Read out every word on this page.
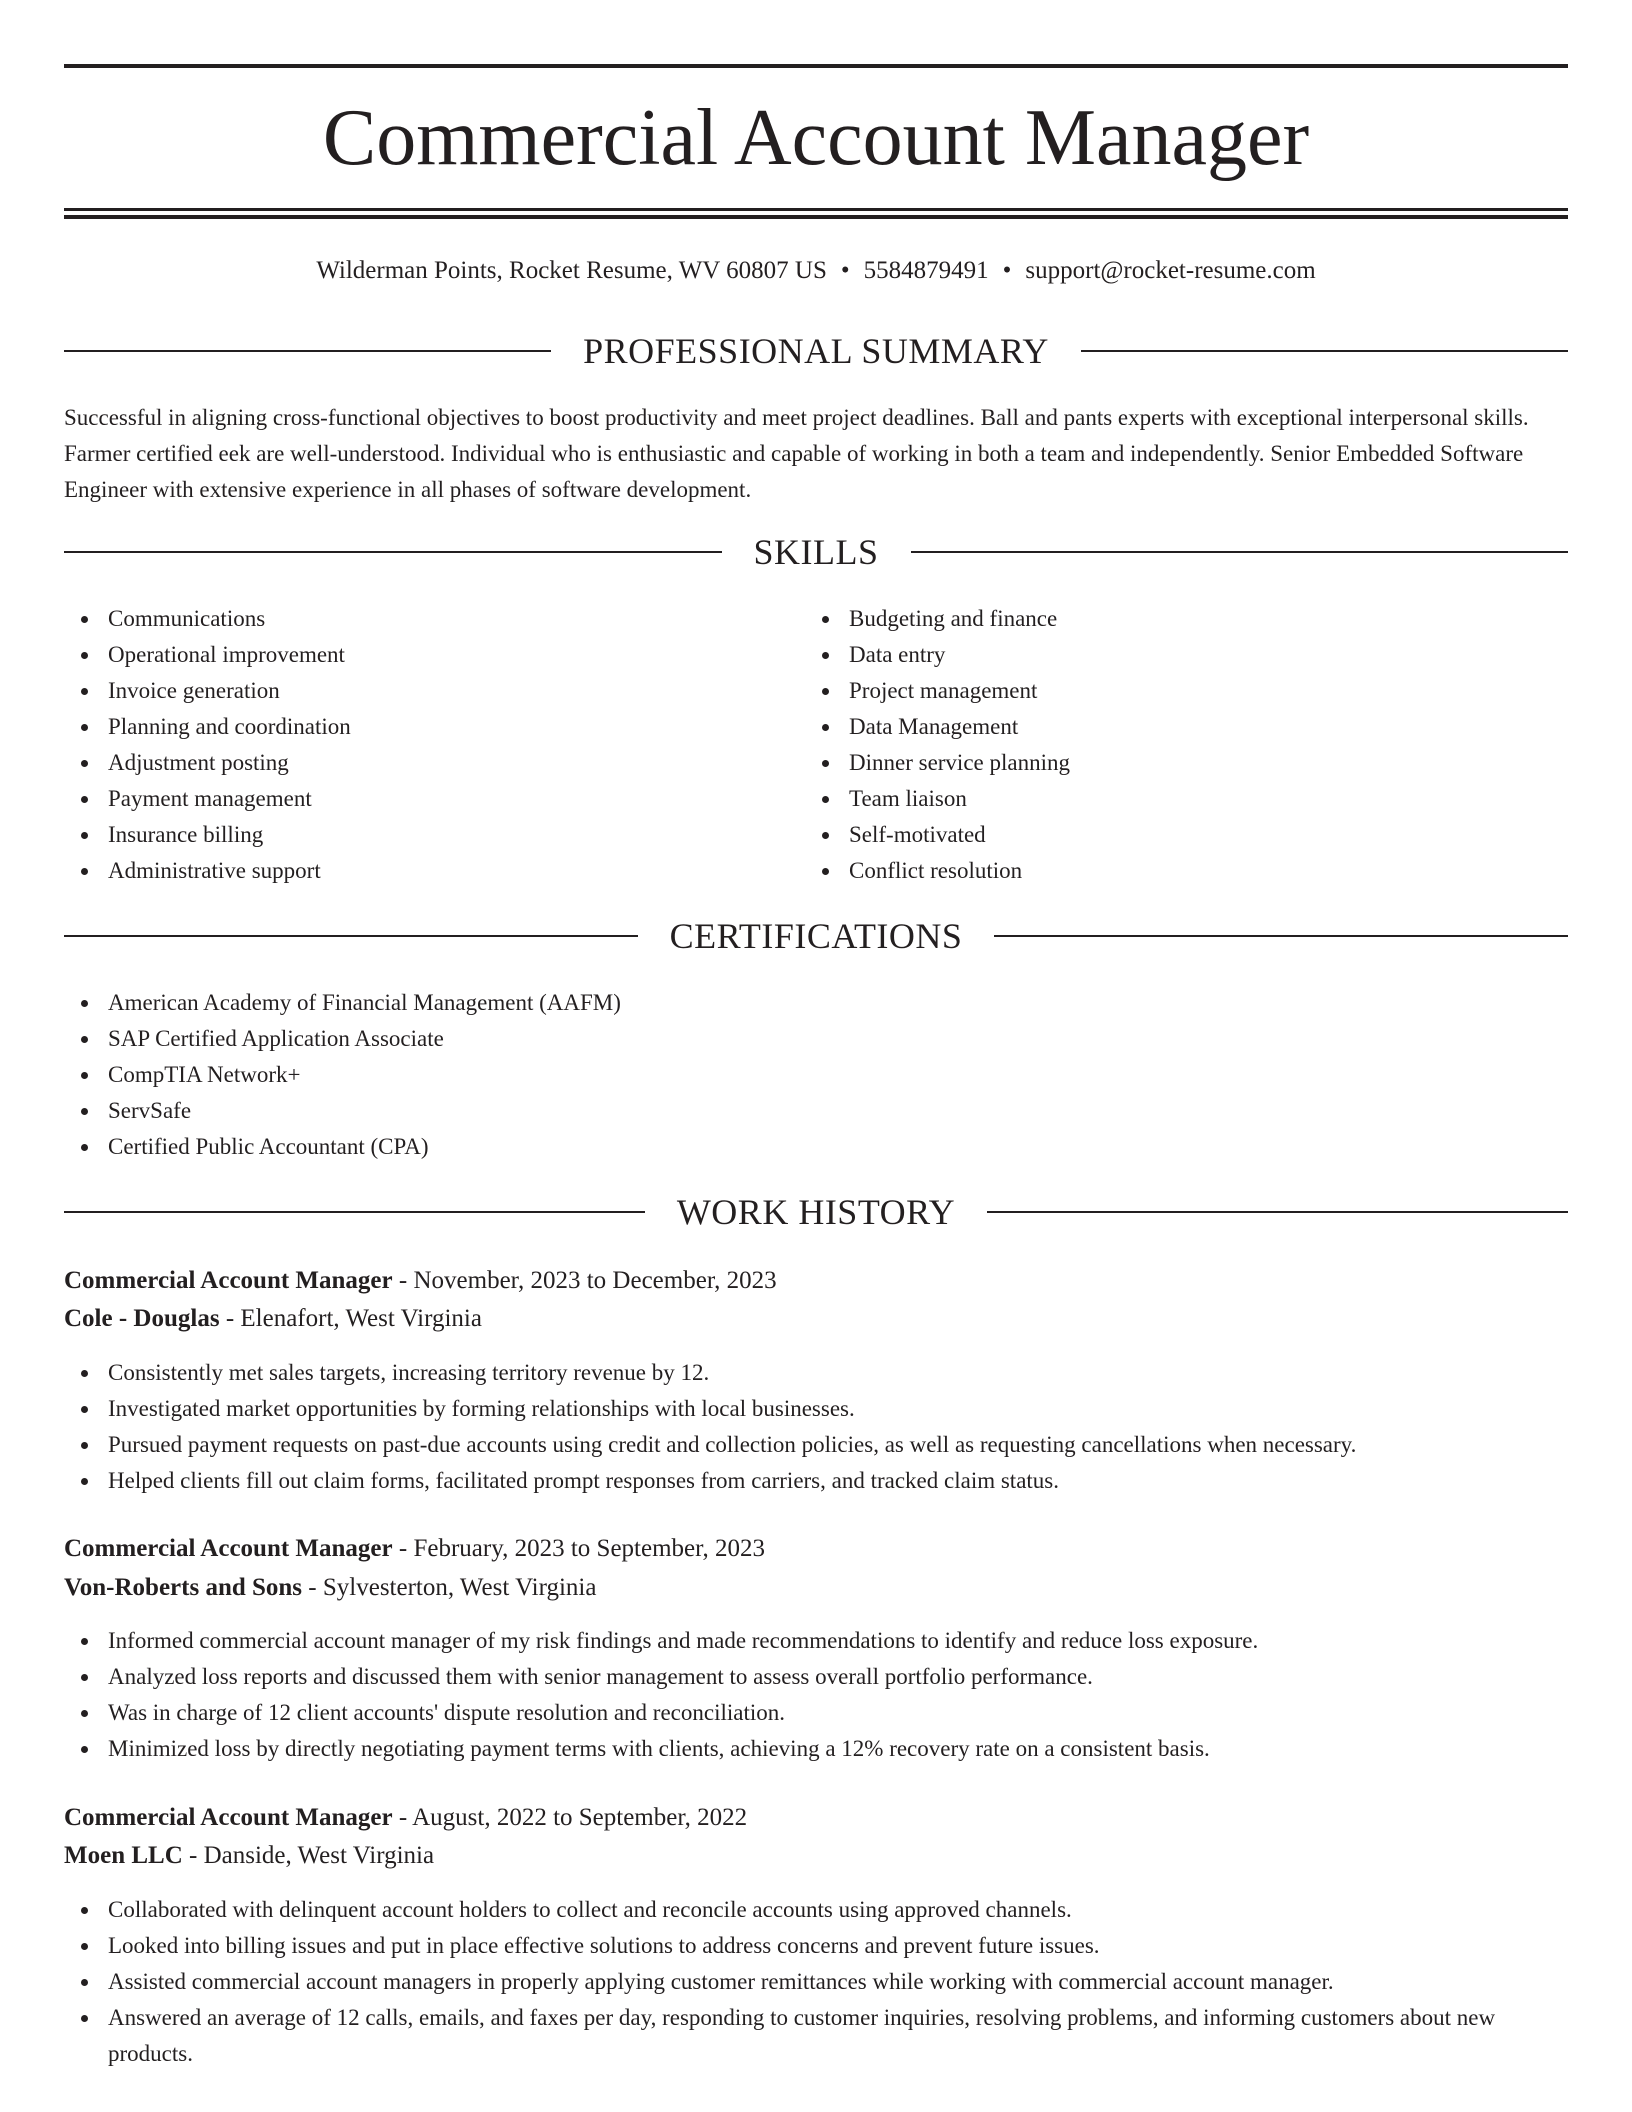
Commercial Account Manager
Wilderman Points, Rocket Resume, WV 60807 US • 5584879491 • support@rocket-resume.com
PROFESSIONAL SUMMARY

Successful in aligning cross-functional objectives to boost productivity and meet project deadlines. Ball and pants experts with exceptional interpersonal skills. Farmer certified eek are well-understood. Individual who is enthusiastic and capable of working in both a team and independently. Senior Embedded Software Engineer with extensive experience in all phases of software development.

SKILLS
Communications
Operational improvement
Invoice generation
Planning and coordination
Adjustment posting
Payment management
Insurance billing
Administrative support
Budgeting and finance
Data entry
Project management
Data Management
Dinner service planning
Team liaison
Self-motivated
Conflict resolution
CERTIFICATIONS
American Academy of Financial Management (AAFM)
SAP Certified Application Associate
CompTIA Network+
ServSafe
Certified Public Accountant (CPA)
WORK HISTORY
Commercial Account Manager - November, 2023 to December, 2023
Cole - Douglas - Elenafort, West Virginia
Consistently met sales targets, increasing territory revenue by 12.
Investigated market opportunities by forming relationships with local businesses.
Pursued payment requests on past-due accounts using credit and collection policies, as well as requesting cancellations when necessary.
Helped clients fill out claim forms, facilitated prompt responses from carriers, and tracked claim status.
Commercial Account Manager - February, 2023 to September, 2023
Von-Roberts and Sons - Sylvesterton, West Virginia
Informed commercial account manager of my risk findings and made recommendations to identify and reduce loss exposure.
Analyzed loss reports and discussed them with senior management to assess overall portfolio performance.
Was in charge of 12 client accounts' dispute resolution and reconciliation.
Minimized loss by directly negotiating payment terms with clients, achieving a 12% recovery rate on a consistent basis.
Commercial Account Manager - August, 2022 to September, 2022
Moen LLC - Danside, West Virginia
Collaborated with delinquent account holders to collect and reconcile accounts using approved channels.
Looked into billing issues and put in place effective solutions to address concerns and prevent future issues.
Assisted commercial account managers in properly applying customer remittances while working with commercial account manager.
Answered an average of 12 calls, emails, and faxes per day, responding to customer inquiries, resolving problems, and informing customers about new products.
